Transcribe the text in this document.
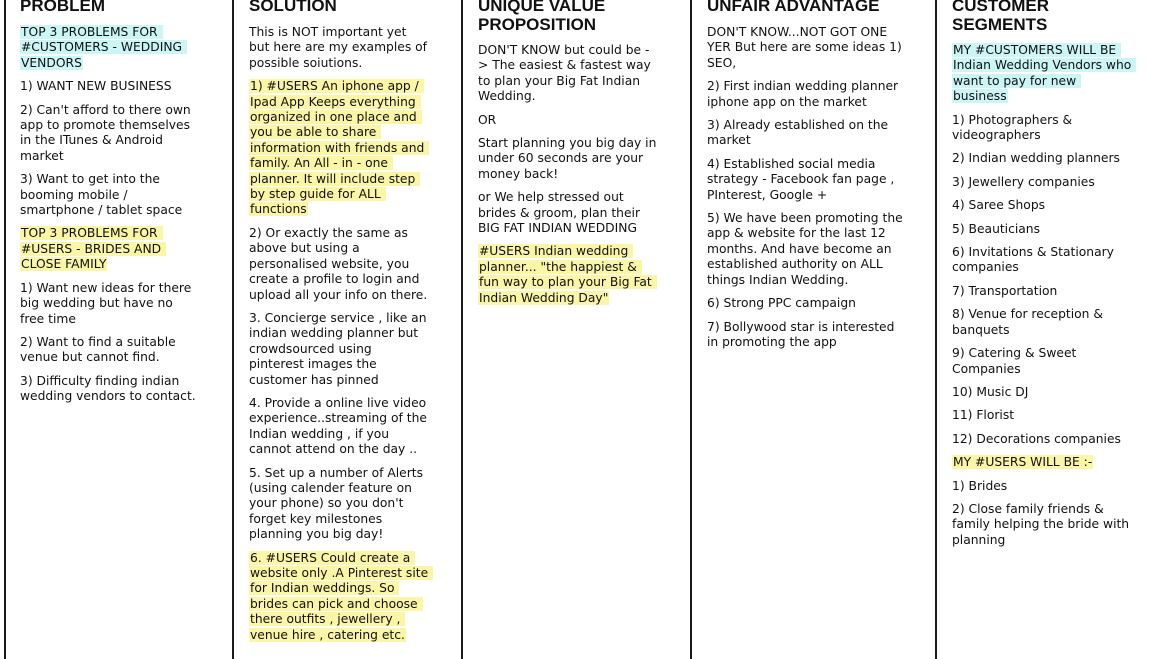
PROBLEM

TOP 3 PROBLEMS FOR #CUSTOMERS - WEDDING VENDORS

1) WANT NEW BUSINESS

2) Can't afford to there own app to promote themselves in the ITunes & Android market

3) Want to get into the booming mobile / smartphone / tablet space

TOP 3 PROBLEMS FOR #USERS - BRIDES AND CLOSE FAMILY

1) Want new ideas for there big wedding but have no free time

2) Want to find a suitable venue but cannot find.

3) Difficulty finding indian wedding vendors to contact.

SOLUTION

This is NOT important yet but here are my examples of possible soiutions.

1) #USERS An iphone app / Ipad App Keeps everything organized in one place and you be able to share information with friends and family. An All - in - one planner. It will include step by step guide for ALL functions

2) Or exactly the same as above but using a personalised website, you create a profile to login and upload all your info on there.

3. Concierge service , like an indian wedding planner but crowdsourced using pinterest images the customer has pinned

4. Provide a online live video experience..streaming of the Indian wedding , if you cannot attend on the day ..

5. Set up a number of Alerts (using calender feature on your phone) so you don't forget key milestones planning you big day!

6. #USERS Could create a website only .A Pinterest site for Indian weddings. So brides can pick and choose there outfits , jewellery , venue hire , catering etc.

UNIQUE VALUE PROPOSITION

DON'T KNOW but could be -> The easiest & fastest way to plan your Big Fat Indian Wedding.

OR

Start planning you big day in under 60 seconds are your money back!

or We help stressed out brides & groom, plan their BIG FAT INDIAN WEDDING

#USERS Indian wedding planner... "the happiest & fun way to plan your Big Fat Indian Wedding Day"

UNFAIR ADVANTAGE

DON'T KNOW...NOT GOT ONE YER But here are some ideas 1) SEO,

2) First indian wedding planner iphone app on the market

3) Already established on the market

4) Established social media strategy - Facebook fan page , PInterest, Google +

5) We have been promoting the app & website for the last 12 months. And have become an established authority on ALL things Indian Wedding.

6) Strong PPC campaign

7) Bollywood star is interested in promoting the app

CUSTOMER SEGMENTS

MY #CUSTOMERS WILL BE Indian Wedding Vendors who want to pay for new business

1) Photographers & videographers

2) Indian wedding planners

3) Jewellery companies

4) Saree Shops

5) Beauticians

6) Invitations & Stationary companies

7) Transportation

8) Venue for reception & banquets

9) Catering & Sweet Companies

10) Music DJ

11) Florist

12) Decorations companies

MY #USERS WILL BE :-

1) Brides

2) Close family friends & family helping the bride with planning
